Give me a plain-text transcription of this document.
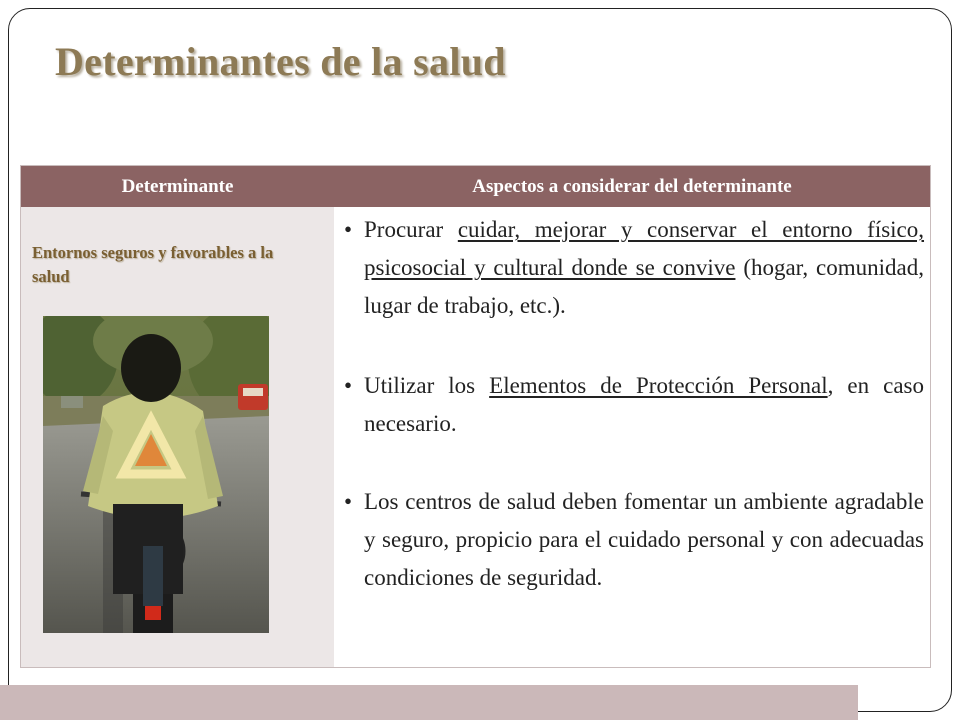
Determinantes de la salud
Determinante	Aspectos a considerar del determinante

Entornos seguros y favorables a la salud

• Procurar cuidar, mejorar y conservar el entorno físico, psicosocial y cultural donde se convive (hogar, comunidad, lugar de trabajo, etc.).
• Utilizar los Elementos de Protección Personal, en caso necesario.
• Los centros de salud deben fomentar un ambiente agradable y seguro, propicio para el cuidado personal y con adecuadas condiciones de seguridad.
